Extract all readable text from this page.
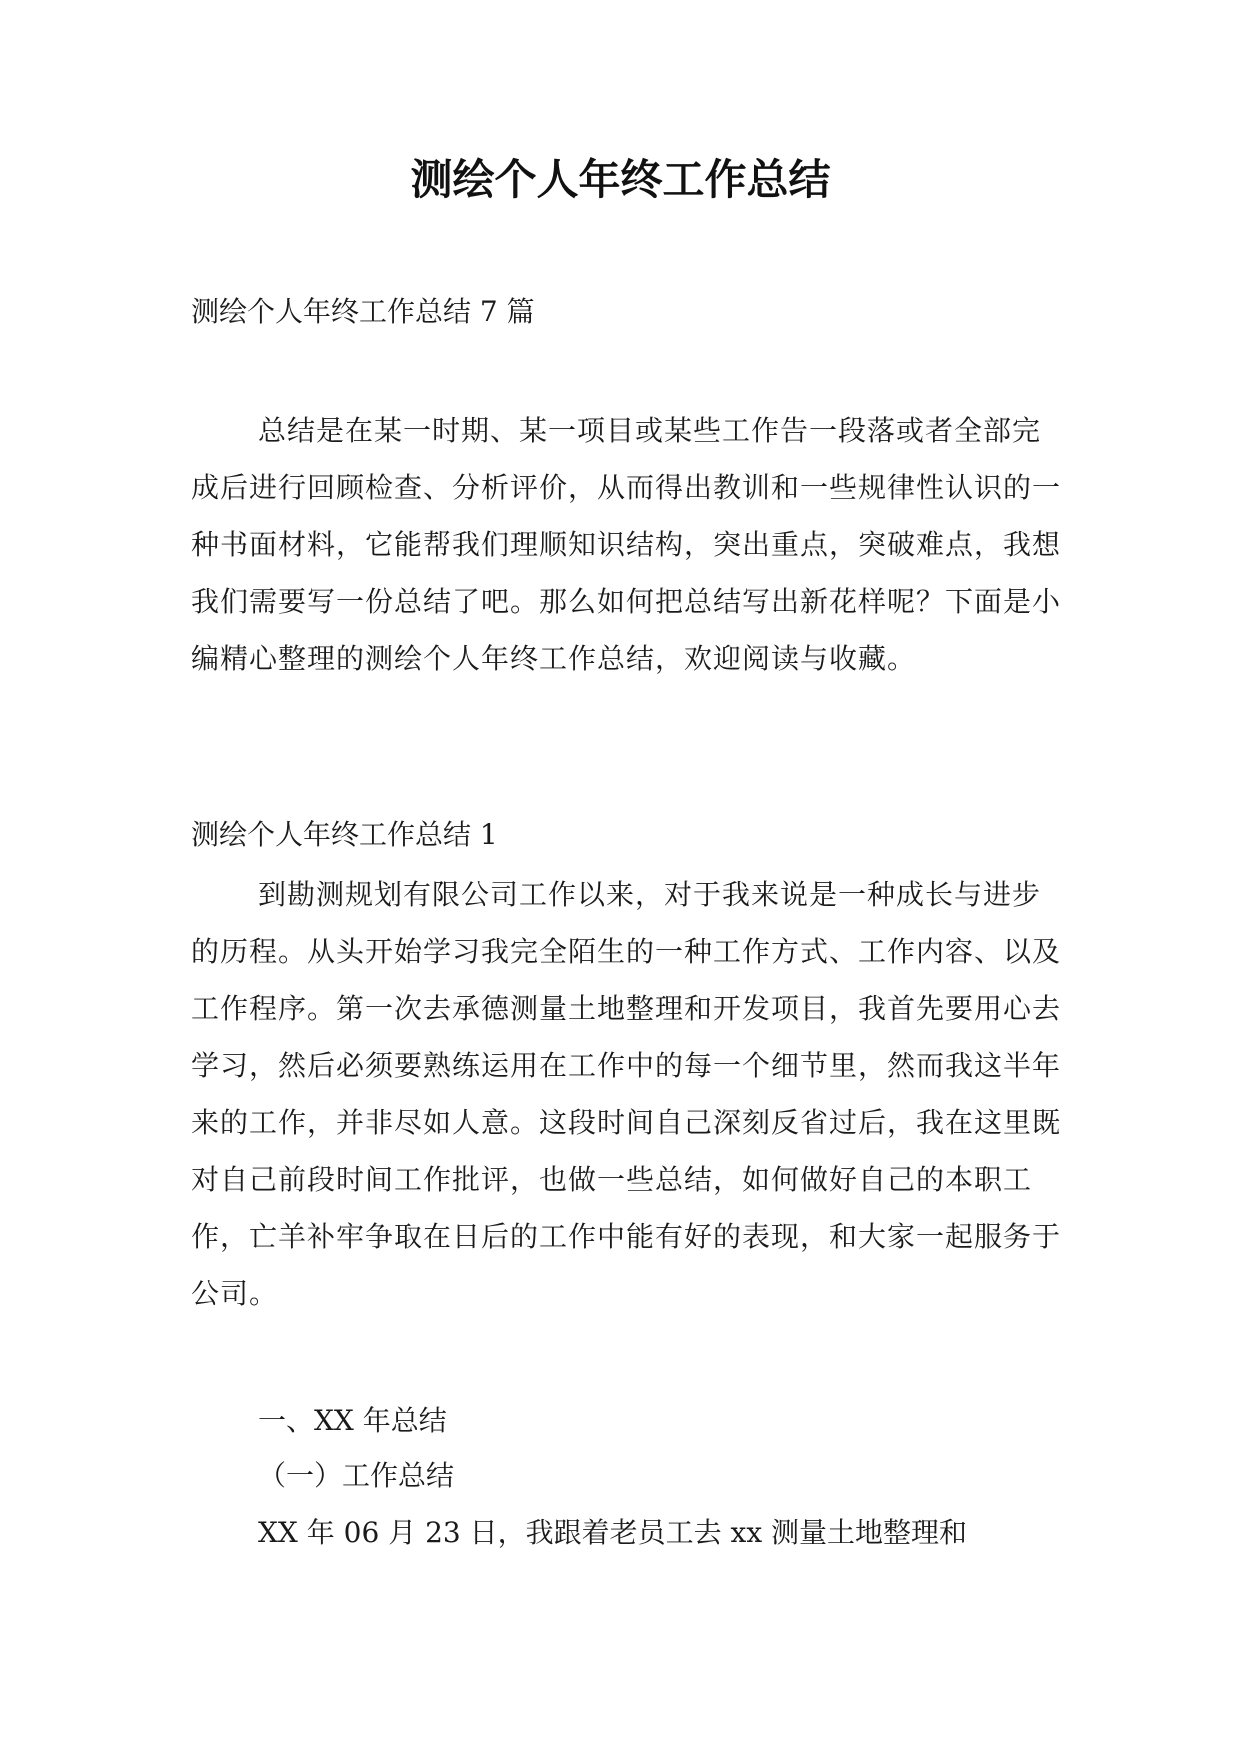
测绘个人年终工作总结

测绘个人年终工作总结 7 篇

总结是在某一时期、某一项目或某些工作告一段落或者全部完成后进行回顾检查、分析评价，从而得出教训和一些规律性认识的一种书面材料，它能帮我们理顺知识结构，突出重点，突破难点，我想我们需要写一份总结了吧。那么如何把总结写出新花样呢？下面是小编精心整理的测绘个人年终工作总结，欢迎阅读与收藏。

测绘个人年终工作总结 1

到勘测规划有限公司工作以来，对于我来说是一种成长与进步的历程。从头开始学习我完全陌生的一种工作方式、工作内容、以及工作程序。第一次去承德测量土地整理和开发项目，我首先要用心去学习，然后必须要熟练运用在工作中的每一个细节里，然而我这半年来的工作，并非尽如人意。这段时间自己深刻反省过后，我在这里既对自己前段时间工作批评，也做一些总结，如何做好自己的本职工作，亡羊补牢争取在日后的工作中能有好的表现，和大家一起服务于公司。

一、XX 年总结

（一）工作总结

XX 年 06 月 23 日，我跟着老员工去 xx 测量土地整理和
